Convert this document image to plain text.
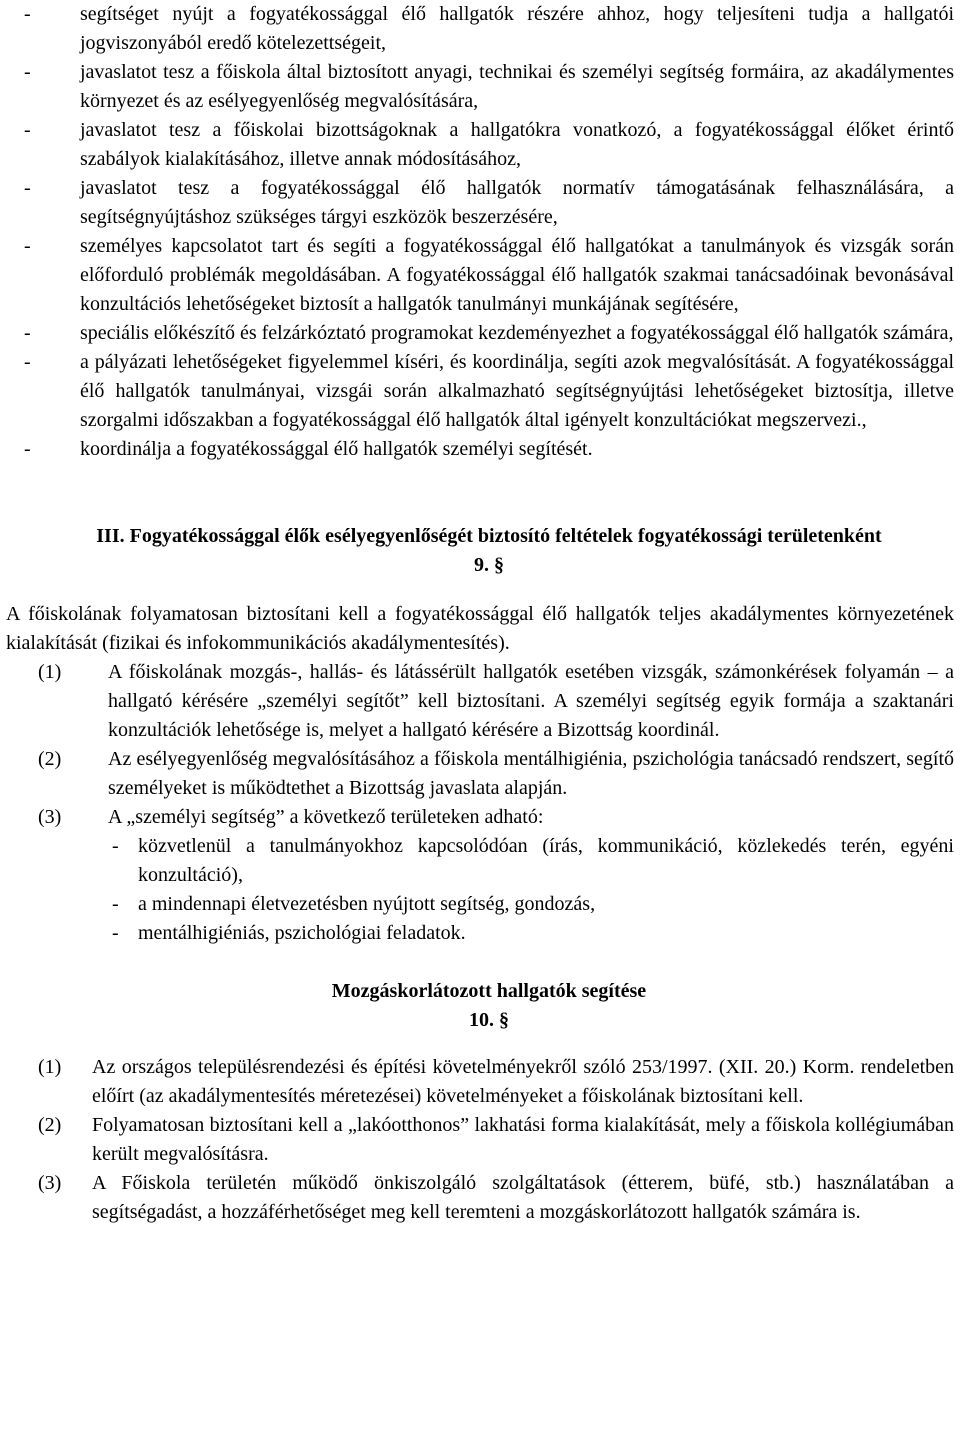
-	segítséget nyújt a fogyatékossággal élő hallgatók részére ahhoz, hogy teljesíteni tudja a hallgatói jogviszonyából eredő kötelezettségeit,
-	javaslatot tesz a főiskola által biztosított anyagi, technikai és személyi segítség formáira, az akadálymentes környezet és az esélyegyenlőség megvalósítására,
-	javaslatot tesz a főiskolai bizottságoknak a hallgatókra vonatkozó, a fogyatékossággal élőket érintő szabályok kialakításához, illetve annak módosításához,
-	javaslatot tesz a fogyatékossággal élő hallgatók normatív támogatásának felhasználására, a segítségnyújtáshoz szükséges tárgyi eszközök beszerzésére,
-	személyes kapcsolatot tart és segíti a fogyatékossággal élő hallgatókat a tanulmányok és vizsgák során előforduló problémák megoldásában. A fogyatékossággal élő hallgatók szakmai tanácsadóinak bevonásával konzultációs lehetőségeket biztosít a hallgatók tanulmányi munkájának segítésére,
-	speciális előkészítő és felzárkóztató programokat kezdeményezhet a fogyatékossággal élő hallgatók számára,
-	a pályázati lehetőségeket figyelemmel kíséri, és koordinálja, segíti azok megvalósítását. A fogyatékossággal élő hallgatók tanulmányai, vizsgái során alkalmazható segítségnyújtási lehetőségeket biztosítja, illetve szorgalmi időszakban a fogyatékossággal élő hallgatók által igényelt konzultációkat megszervezi.,
-	koordinálja a fogyatékossággal élő hallgatók személyi segítését.
III. Fogyatékossággal élők esélyegyenlőségét biztosító feltételek fogyatékossági területenként
9. §
A főiskolának folyamatosan biztosítani kell a fogyatékossággal élő hallgatók teljes akadálymentes környezetének kialakítását (fizikai és infokommunikációs akadálymentesítés).
(1)	A főiskolának mozgás-, hallás- és látássérült hallgatók esetében vizsgák, számonkérések folyamán – a hallgató kérésére „személyi segítőt” kell biztosítani. A személyi segítség egyik formája a szaktanári konzultációk lehetősége is, melyet a hallgató kérésére a Bizottság koordinál.
(2)	Az esélyegyenlőség megvalósításához a főiskola mentálhigiénia, pszichológia tanácsadó rendszert, segítő személyeket is működtethet a Bizottság javaslata alapján.
(3)	A „személyi segítség” a következő területeken adható:
- közvetlenül a tanulmányokhoz kapcsolódóan (írás, kommunikáció, közlekedés terén, egyéni konzultáció),
- a mindennapi életvezetésben nyújtott segítség, gondozás,
- mentálhigiéniás, pszichológiai feladatok.
Mozgáskorlátozott hallgatók segítése
10. §
(1)	Az országos településrendezési és építési követelményekről szóló 253/1997. (XII. 20.) Korm. rendeletben előírt (az akadálymentesítés méretezései) követelményeket a főiskolának biztosítani kell.
(2)	Folyamatosan biztosítani kell a „lakóotthonos” lakhatási forma kialakítását, mely a főiskola kollégiumában került megvalósításra.
(3)	A Főiskola területén működő önkiszolgáló szolgáltatások (étterem, büfé, stb.) használatában a segítségadást, a hozzáférhetőséget meg kell teremteni a mozgáskorlátozott hallgatók számára is.
